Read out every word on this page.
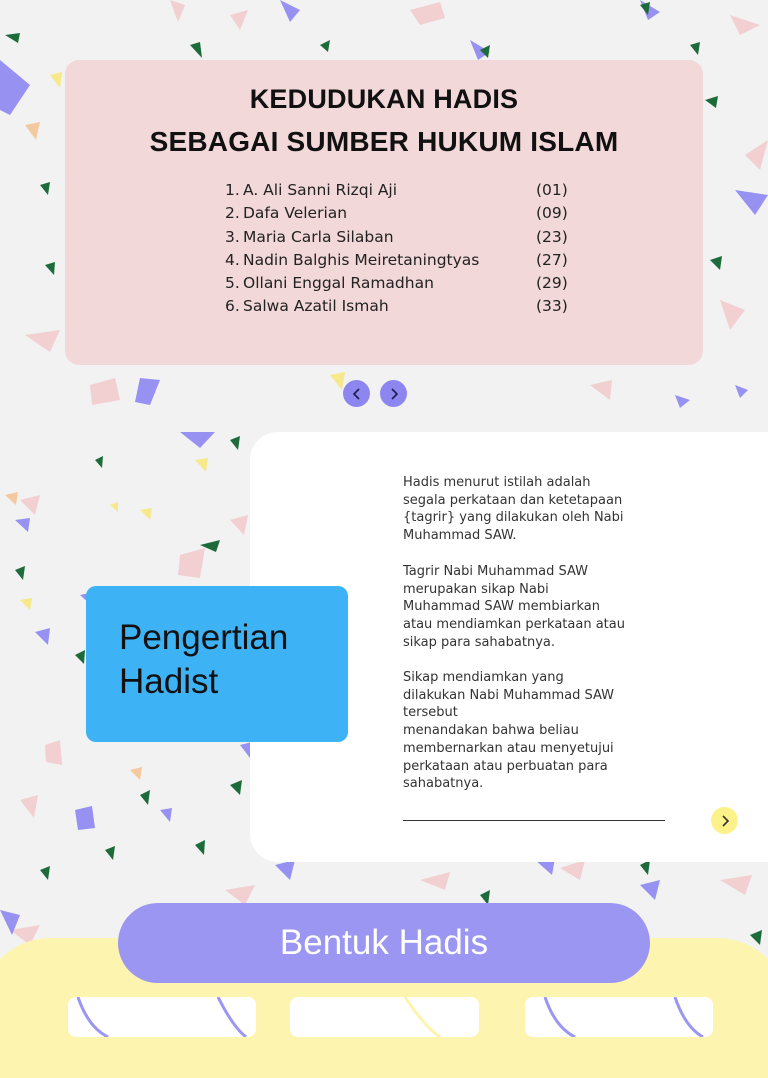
KEDUDUKAN HADIS
SEBAGAI SUMBER HUKUM ISLAM
1. A. Ali Sanni Rizqi Aji	(01)
2. Dafa Velerian	(09)
3. Maria Carla Silaban	(23)
4. Nadin Balghis Meiretaningtyas	(27)
5. Ollani Enggal Ramadhan	(29)
6. Salwa Azatil Ismah	(33)
Pengertian Hadist
Hadis menurut istilah adalah
segala perkataan dan ketetapaan
{tagrir} yang dilakukan oleh Nabi
Muhammad SAW.
Tagrir Nabi Muhammad SAW
merupakan sikap Nabi
Muhammad SAW membiarkan
atau mendiamkan perkataan atau
sikap para sahabatnya.
Sikap mendiamkan yang
dilakukan Nabi Muhammad SAW
tersebut
menandakan bahwa beliau
membernarkan atau menyetujui
perkataan atau perbuatan para
sahabatnya.
Bentuk Hadis
